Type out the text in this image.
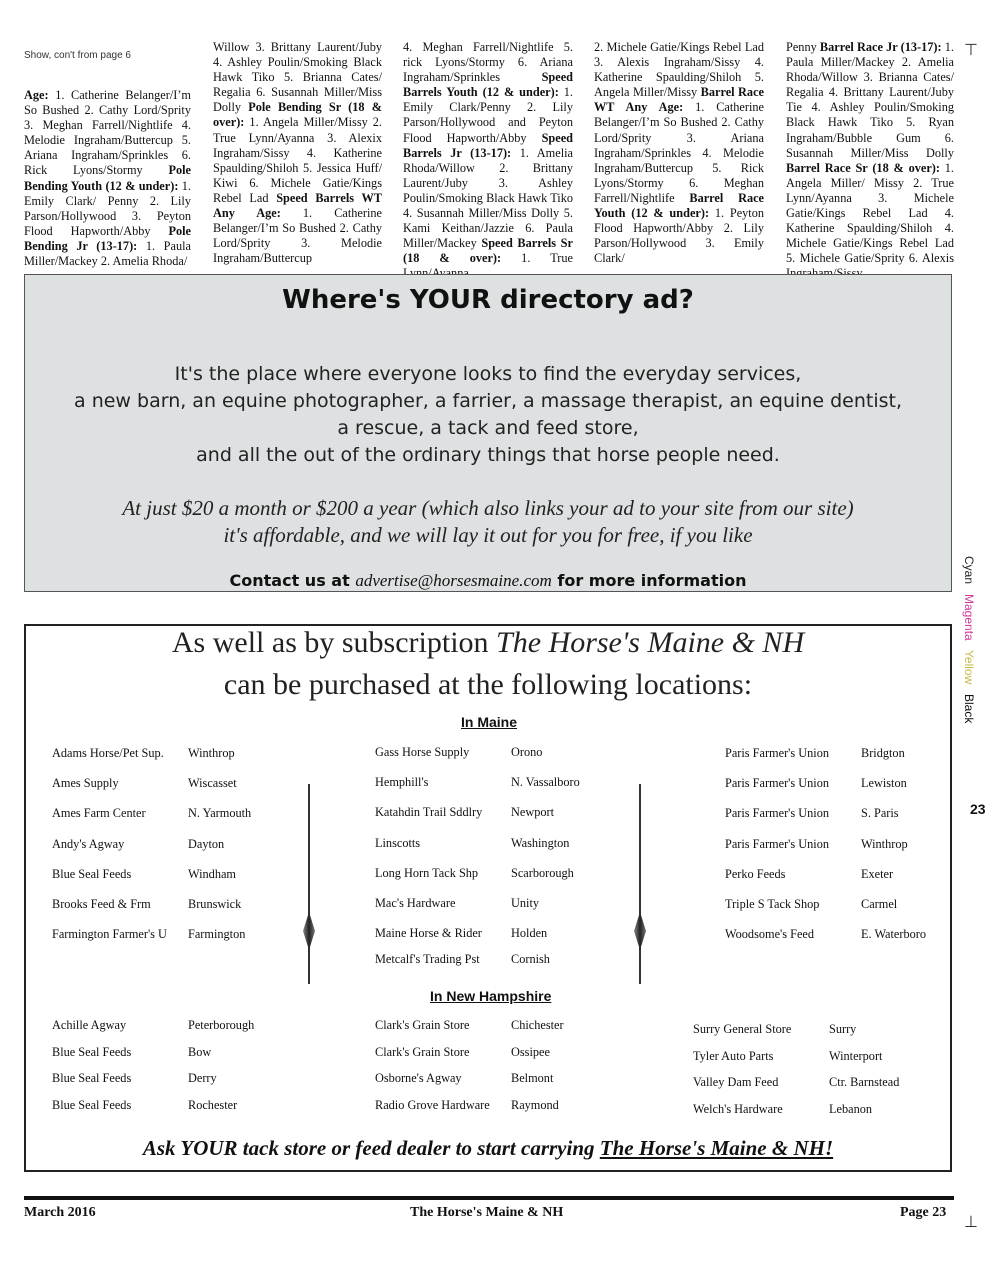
⊤
⊥
Show, con't from page 6
Age: 1. Catherine Belanger/I’m So Bushed 2. Cathy Lord/Sprity 3. Meghan Farrell/Nightlife 4. Melodie Ingraham/Buttercup 5. Ariana Ingraham/Sprinkles 6. Rick Lyons/Stormy Pole Bending Youth (12 & under): 1. Emily Clark/ Penny 2. Lily Parson/Hollywood 3. Peyton Flood Hapworth/Abby Pole Bending Jr (13-17): 1. Paula Miller/Mackey 2. Amelia Rhoda/
Willow 3. Brittany Laurent/Juby 4. Ashley Poulin/Smoking Black Hawk Tiko 5. Brianna Cates/ Regalia 6. Susannah Miller/Miss Dolly Pole Bending Sr (18 & over): 1. Angela Miller/Missy 2. True Lynn/Ayanna 3. Alexix Ingraham/Sissy 4. Katherine Spaulding/Shiloh 5. Jessica Huff/ Kiwi 6. Michele Gatie/Kings Rebel Lad Speed Barrels WT Any Age: 1. Catherine Belanger/I’m So Bushed 2. Cathy Lord/Sprity 3. Melodie Ingraham/Buttercup
4. Meghan Farrell/Nightlife 5. rick Lyons/Stormy 6. Ariana Ingraham/Sprinkles Speed Barrels Youth (12 & under): 1. Emily Clark/Penny 2. Lily Parson/Hollywood and Peyton Flood Hapworth/Abby Speed Barrels Jr (13-17): 1. Amelia Rhoda/Willow 2. Brittany Laurent/Juby 3. Ashley Poulin/Smoking Black Hawk Tiko 4. Susannah Miller/Miss Dolly 5. Kami Keithan/Jazzie 6. Paula Miller/Mackey Speed Barrels Sr (18 & over): 1. True
2. Michele Gatie/Kings Rebel Lad 3. Alexis Ingraham/Sissy 4. Katherine Spaulding/Shiloh 5. Angela Miller/Missy Barrel Race WT Any Age: 1. Catherine Belanger/I’m So Bushed 2. Cathy Lord/Sprity 3. Ariana Ingraham/Sprinkles 4. Melodie Ingraham/Buttercup 5. Rick Lyons/Stormy 6. Meghan Farrell/Nightlife Barrel Race Youth (12 & under): 1. Peyton Flood Hapworth/Abby 2. Lily Parson/Hollywood 3. Emily Clark/
Penny Barrel Race Jr (13-17): 1. Paula Miller/Mackey 2. Amelia Rhoda/Willow 3. Brianna Cates/ Regalia 4. Brittany Laurent/Juby Tie 4. Ashley Poulin/Smoking Black Hawk Tiko 5. Ryan Ingraham/Bubble Gum 6. Susannah Miller/Miss Dolly Barrel Race Sr (18 & over): 1. Angela Miller/ Missy 2. True Lynn/Ayanna 3. Michele Gatie/Kings Rebel Lad 4. Katherine Spaulding/Shiloh 4. Michele Gatie/Kings Rebel Lad 5. Michele Gatie/Sprity 6. Alexis
Where's YOUR directory ad?
It's the place where everyone looks to find the everyday services,
a new barn, an equine photographer, a farrier, a massage therapist, an equine dentist,
a rescue, a tack and feed store,
and all the out of the ordinary things that horse people need.
At just $20 a month or $200 a year (which also links your ad to your site from our site)
it's affordable, and we will lay it out for you for free, if you like
Contact us at advertise@horsesmaine.com for more information
As well as by subscription The Horse's Maine & NH
can be purchased at the following locations:
In Maine
In New Hampshire
Adams Horse/Pet Sup. Winthrop
Ames Supply	Wiscasset
Ames Farm Center	N. Yarmouth
Andy's Agway	Dayton
Blue Seal Feeds	Windham
Brooks Feed & Frm	Brunswick
Farmington Farmer's U Farmington
Gass Horse Supply	Orono
Hemphill's	N. Vassalboro
Katahdin Trail Sddlry Newport
Linscotts	Washington
Long Horn Tack Shp	Scarborough
Mac's Hardware	Unity
Maine Horse & Rider Holden
Metcalf's Trading Pst	Cornish
Paris Farmer's Union	Bridgton
Paris Farmer's Union	Lewiston
Paris Farmer's Union	S. Paris
Paris Farmer's Union	Winthrop
Perko Feeds	Exeter
Triple S Tack Shop	Carmel
Woodsome's Feed	E. Waterboro
Achille Agway	Peterborough
Blue Seal Feeds	Bow
Blue Seal Feeds	Derry
Blue Seal Feeds	Rochester
Clark's Grain Store	Chichester
Clark's Grain Store	Ossipee
Osborne's Agway	Belmont
Radio Grove Hardware Raymond
Surry General Store	Surry
Tyler Auto Parts	Winterport
Valley Dam Feed	Ctr. Barnstead
Welch's Hardware	Lebanon
Ask YOUR tack store or feed dealer to start carrying The Horse's Maine & NH!
Cyan
Magenta
Yellow
Black
23
March 2016	The Horse's Maine & NH	Page 23
